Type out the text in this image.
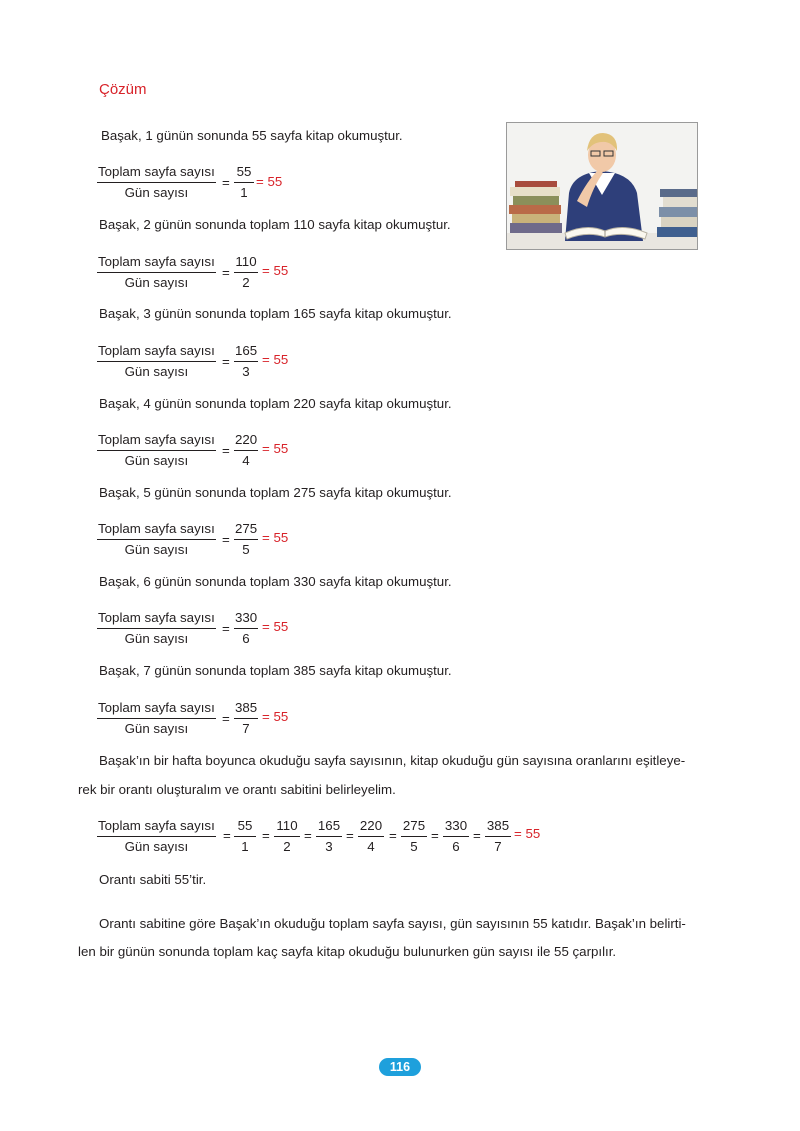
Çözüm
Başak, 1 günün sonunda 55 sayfa kitap okumuştur.
Toplam sayfa sayısı
Gün sayısı
= $\frac{55}{1} = 55$
Başak, 2 günün sonunda toplam 110 sayfa kitap okumuştur.
Toplam sayfa sayısı
Gün sayısı
= $\frac{110}{2} = 55$
Başak, 3 günün sonunda toplam 165 sayfa kitap okumuştur.
Toplam sayfa sayısı
Gün sayısı
= $\frac{165}{3} = 55$
Başak, 4 günün sonunda toplam 220 sayfa kitap okumuştur.
Toplam sayfa sayısı
Gün sayısı
= $\frac{220}{4} = 55$
Başak, 5 günün sonunda toplam 275 sayfa kitap okumuştur.
Toplam sayfa sayısı
Gün sayısı
= $\frac{275}{5} = 55$
Başak, 6 günün sonunda toplam 330 sayfa kitap okumuştur.
Toplam sayfa sayısı
Gün sayısı
= $\frac{330}{6} = 55$
Başak, 7 günün sonunda toplam 385 sayfa kitap okumuştur.
Toplam sayfa sayısı
Gün sayısı
= $\frac{385}{7} = 55$
Başak’ın bir hafta boyunca okuduğu sayfa sayısının, kitap okuduğu gün sayısına oranlarını eşitleye-
rek bir orantı oluşturalım ve orantı sabitini belirleyelim.
Toplam sayfa sayısı
Gün sayısı
= $\frac{55}{1} = \frac{110}{2} = \frac{165}{3} = \frac{220}{4} = \frac{275}{5} = \frac{330}{6} = \frac{385}{7} = 55$
Orantı sabiti 55’tir.
Orantı sabitine göre Başak’ın okuduğu toplam sayfa sayısı, gün sayısının 55 katıdır. Başak’ın belirti-
len bir günün sonunda toplam kaç sayfa kitap okuduğu bulunurken gün sayısı ile 55 çarpılır.
116
